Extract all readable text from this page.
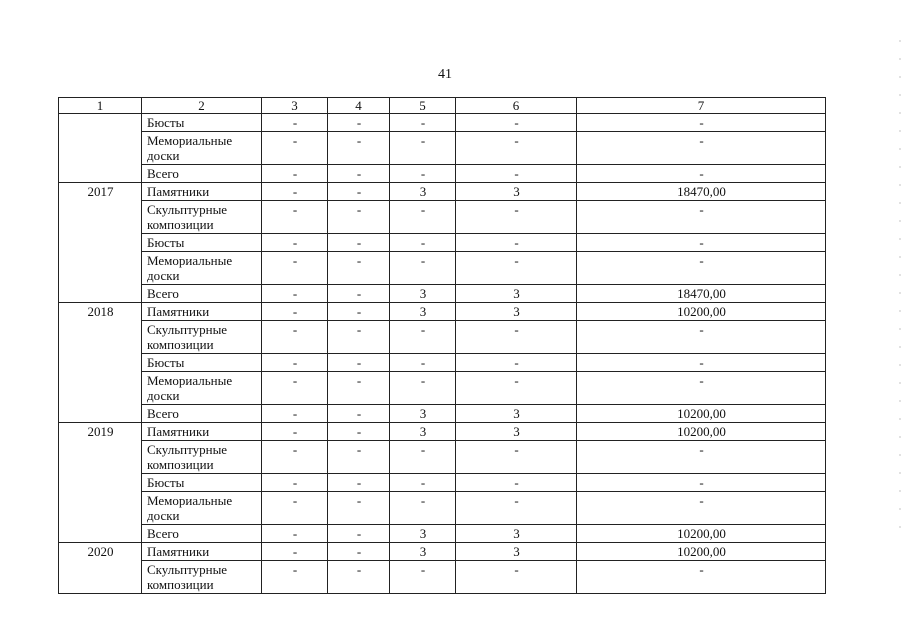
41
1	2	3	4	5	6	7
	Бюсты	-	-	-	-	-
	Мемориальные доски	-	-	-	-	-
	Всего	-	-	-	-	-
2017	Памятники	-	-	3	3	18470,00
	Скульптурные композиции	-	-	-	-	-
	Бюсты	-	-	-	-	-
	Мемориальные доски	-	-	-	-	-
	Всего	-	-	3	3	18470,00
2018	Памятники	-	-	3	3	10200,00
	Скульптурные композиции	-	-	-	-	-
	Бюсты	-	-	-	-	-
	Мемориальные доски	-	-	-	-	-
	Всего	-	-	3	3	10200,00
2019	Памятники	-	-	3	3	10200,00
	Скульптурные композиции	-	-	-	-	-
	Бюсты	-	-	-	-	-
	Мемориальные доски	-	-	-	-	-
	Всего	-	-	3	3	10200,00
2020	Памятники	-	-	3	3	10200,00
	Скульптурные композиции	-	-	-	-	-
